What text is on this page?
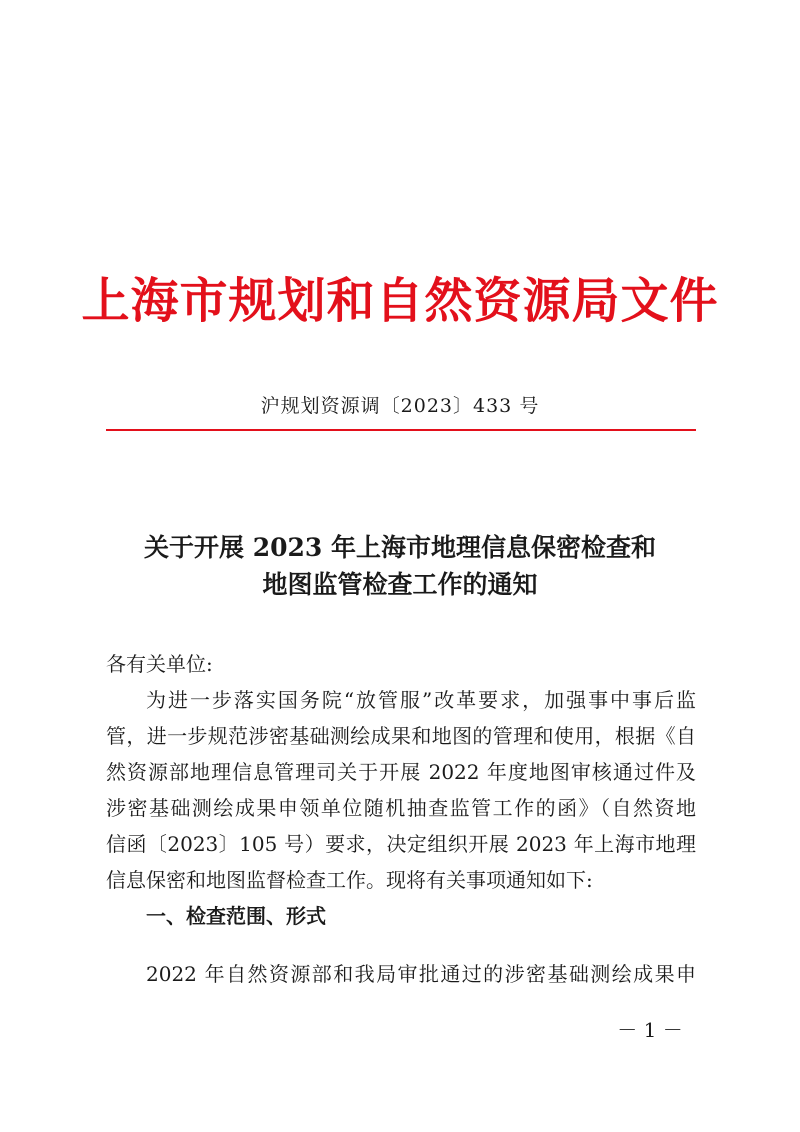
上海市规划和自然资源局文件
沪规划资源调〔2023〕433 号
关于开展 2023 年上海市地理信息保密检查和
地图监管检查工作的通知
各有关单位:
为进一步落实国务院“放管服”改革要求，加强事中事后监
管，进一步规范涉密基础测绘成果和地图的管理和使用，根据《自
然资源部地理信息管理司关于开展 2022 年度地图审核通过件及
涉密基础测绘成果申领单位随机抽查监管工作的函》（自然资地
信函〔2023〕105 号）要求，决定组织开展 2023 年上海市地理
信息保密和地图监督检查工作。现将有关事项通知如下:
一、检查范围、形式
2022 年自然资源部和我局审批通过的涉密基础测绘成果申
－ 1 －
